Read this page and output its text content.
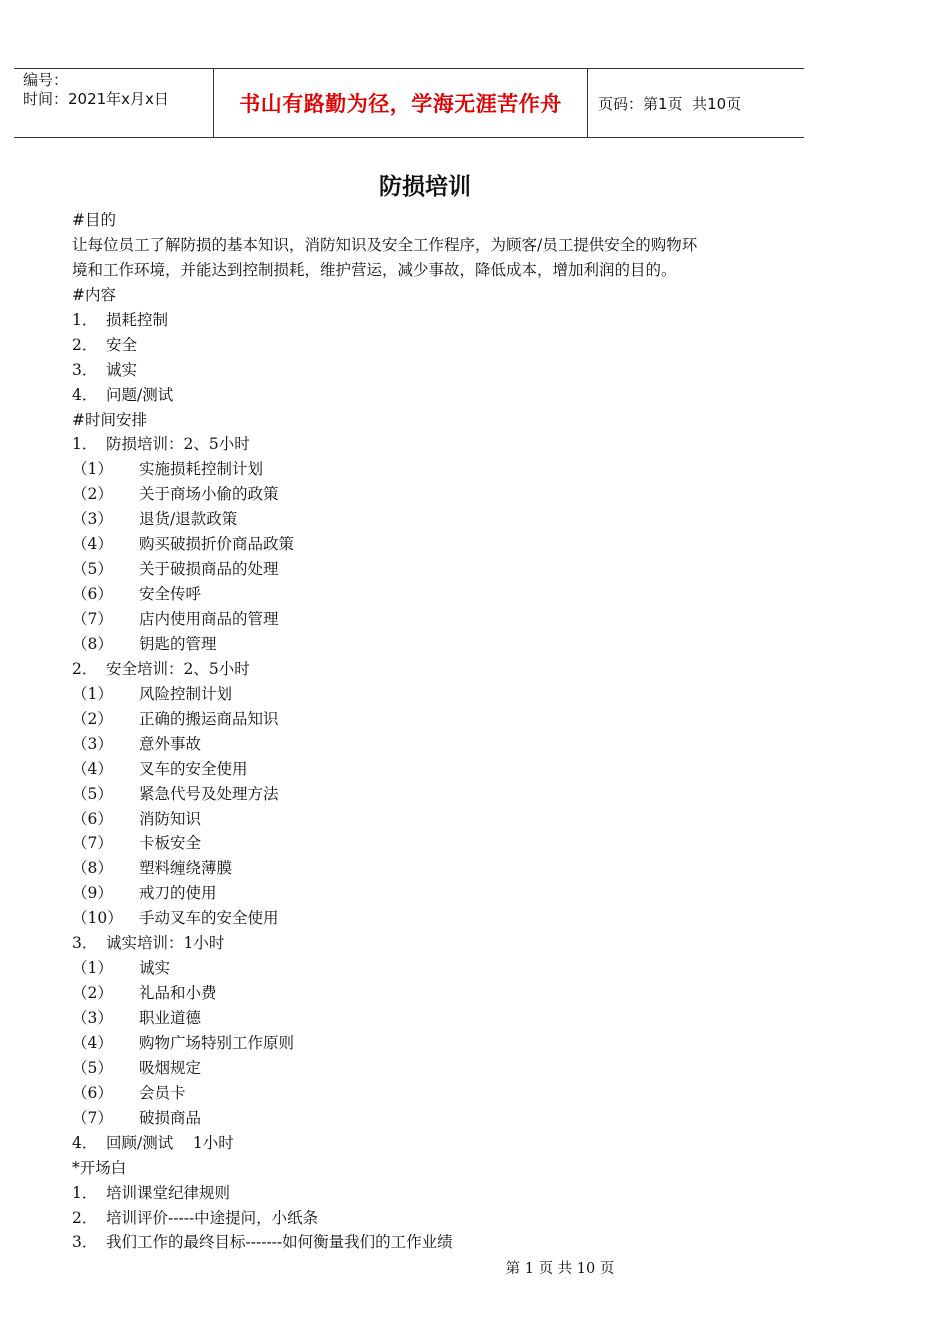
编号：
时间：2021年x月x日	书山有路勤为径，学海无涯苦作舟	页码：第1页  共10页
防损培训
#目的
让每位员工了解防损的基本知识，消防知识及安全工作程序，为顾客/员工提供安全的购物环
境和工作环境，并能达到控制损耗，维护营运，减少事故，降低成本，增加利润的目的。
#内容
1． 损耗控制
2． 安全
3． 诚实
4． 问题/测试
#时间安排
1． 防损培训：2、5小时
（1） 实施损耗控制计划
（2） 关于商场小偷的政策
（3） 退货/退款政策
（4） 购买破损折价商品政策
（5） 关于破损商品的处理
（6） 安全传呼
（7） 店内使用商品的管理
（8） 钥匙的管理
2． 安全培训：2、5小时
（1） 风险控制计划
（2） 正确的搬运商品知识
（3） 意外事故
（4） 叉车的安全使用
（5） 紧急代号及处理方法
（6） 消防知识
（7） 卡板安全
（8） 塑料缠绕薄膜
（9） 戒刀的使用
（10） 手动叉车的安全使用
3． 诚实培训：1小时
（1） 诚实
（2） 礼品和小费
（3） 职业道德
（4） 购物广场特别工作原则
（5） 吸烟规定
（6） 会员卡
（7） 破损商品
4． 回顾/测试    1小时
*开场白
1． 培训课堂纪律规则
2． 培训评价-----中途提问，小纸条
3． 我们工作的最终目标-------如何衡量我们的工作业绩
第 1 页 共 10 页
